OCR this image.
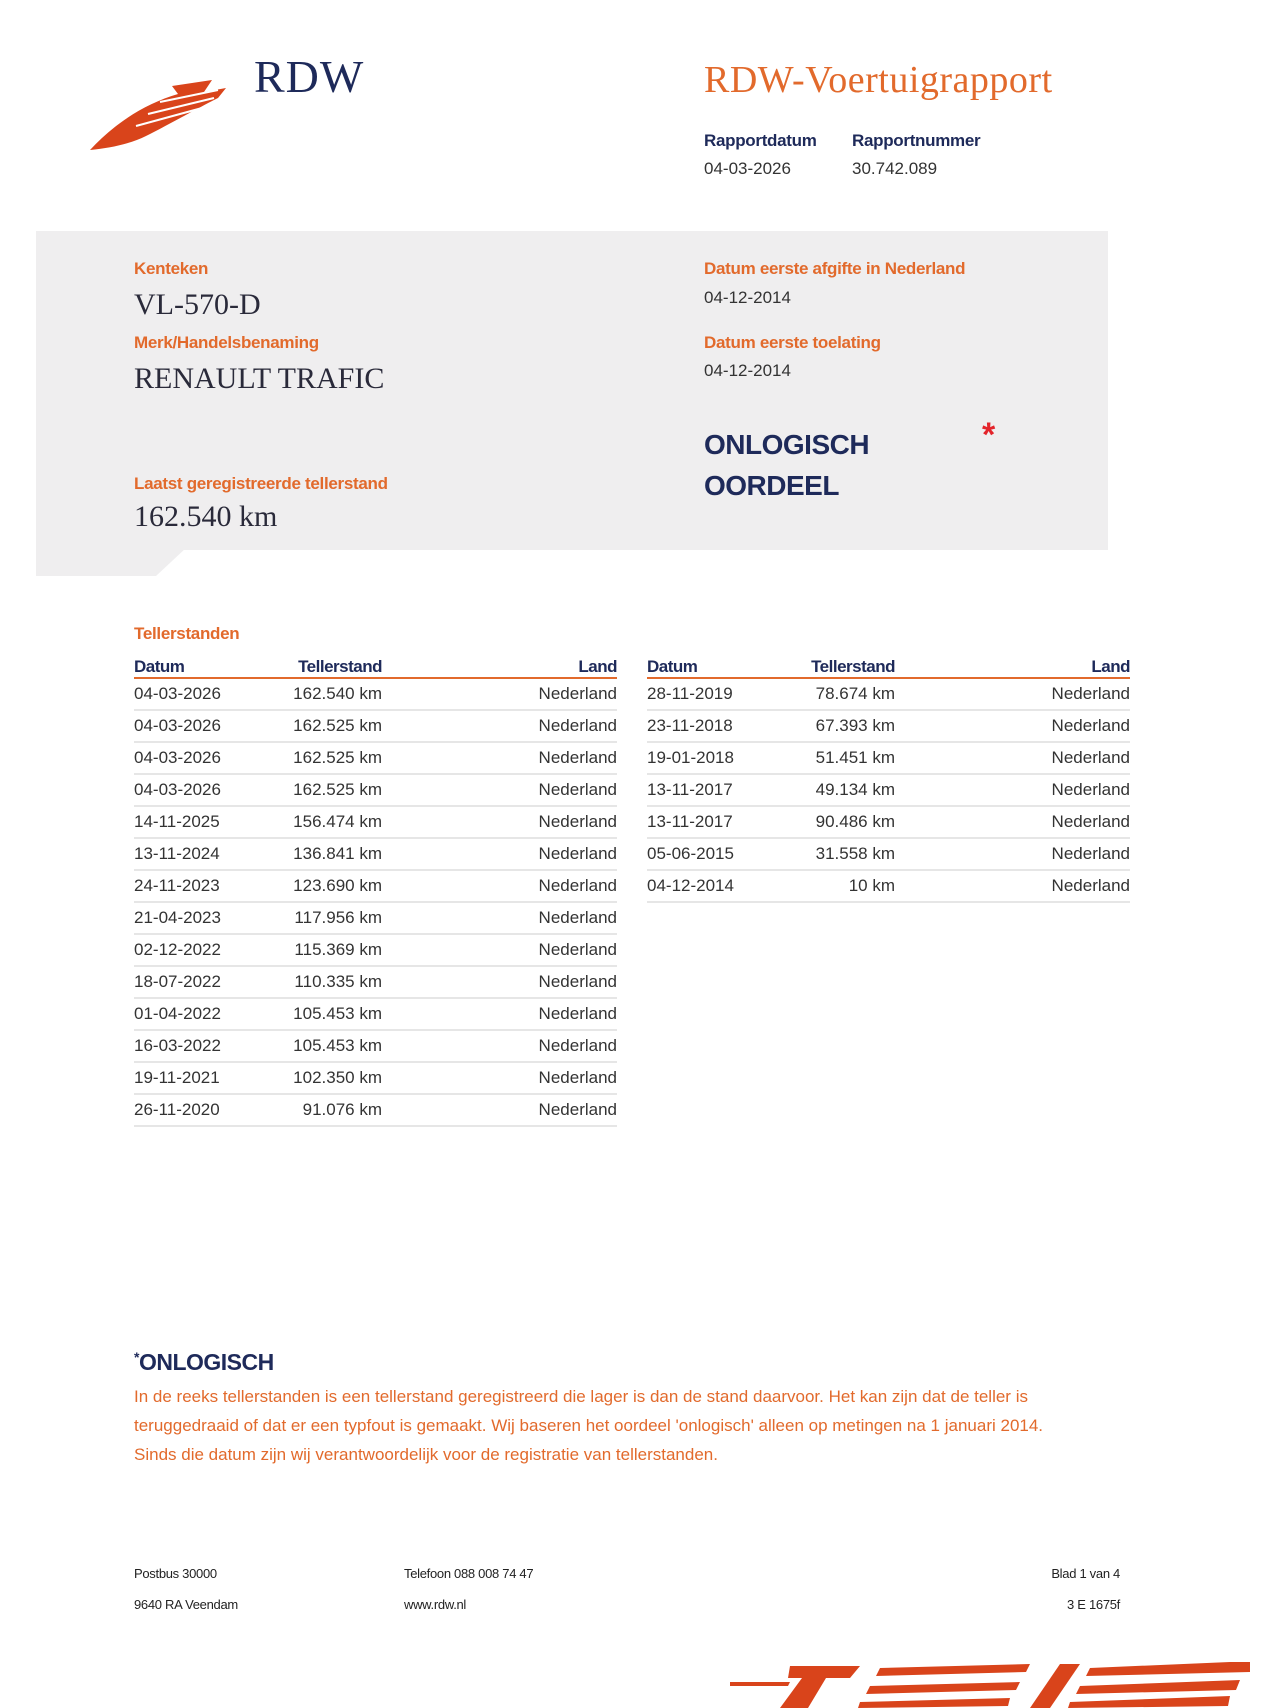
RDW	RDW-Voertuigrapport
Rapportdatum
04-03-2026
Rapportnummer
30.742.089
Kenteken
VL-570-D
Merk/Handelsbenaming
RENAULT TRAFIC
Laatst geregistreerde tellerstand
162.540 km
Datum eerste afgifte in Nederland
04-12-2014
Datum eerste toelating
04-12-2014
ONLOGISCH
OORDEEL
*
Tellerstanden
Datum	Tellerstand	Land
04-03-2026	162.540 km	Nederland
04-03-2026	162.525 km	Nederland
04-03-2026	162.525 km	Nederland
04-03-2026	162.525 km	Nederland
14-11-2025	156.474 km	Nederland
13-11-2024	136.841 km	Nederland
24-11-2023	123.690 km	Nederland
21-04-2023	117.956 km	Nederland
02-12-2022	115.369 km	Nederland
18-07-2022	110.335 km	Nederland
01-04-2022	105.453 km	Nederland
16-03-2022	105.453 km	Nederland
19-11-2021	102.350 km	Nederland
26-11-2020	91.076 km	Nederland
Datum	Tellerstand	Land
28-11-2019	78.674 km	Nederland
23-11-2018	67.393 km	Nederland
19-01-2018	51.451 km	Nederland
13-11-2017	49.134 km	Nederland
13-11-2017	90.486 km	Nederland
05-06-2015	31.558 km	Nederland
04-12-2014	10 km	Nederland
*ONLOGISCH
In de reeks tellerstanden is een tellerstand geregistreerd die lager is dan de stand daarvoor. Het kan zijn dat de teller is teruggedraaid of dat er een typfout is gemaakt. Wij baseren het oordeel 'onlogisch' alleen op metingen na 1 januari 2014. Sinds die datum zijn wij verantwoordelijk voor de registratie van tellerstanden.
Postbus 30000
9640 RA Veendam
Telefoon 088 008 74 47
www.rdw.nl
Blad 1 van 4
3 E 1675f
